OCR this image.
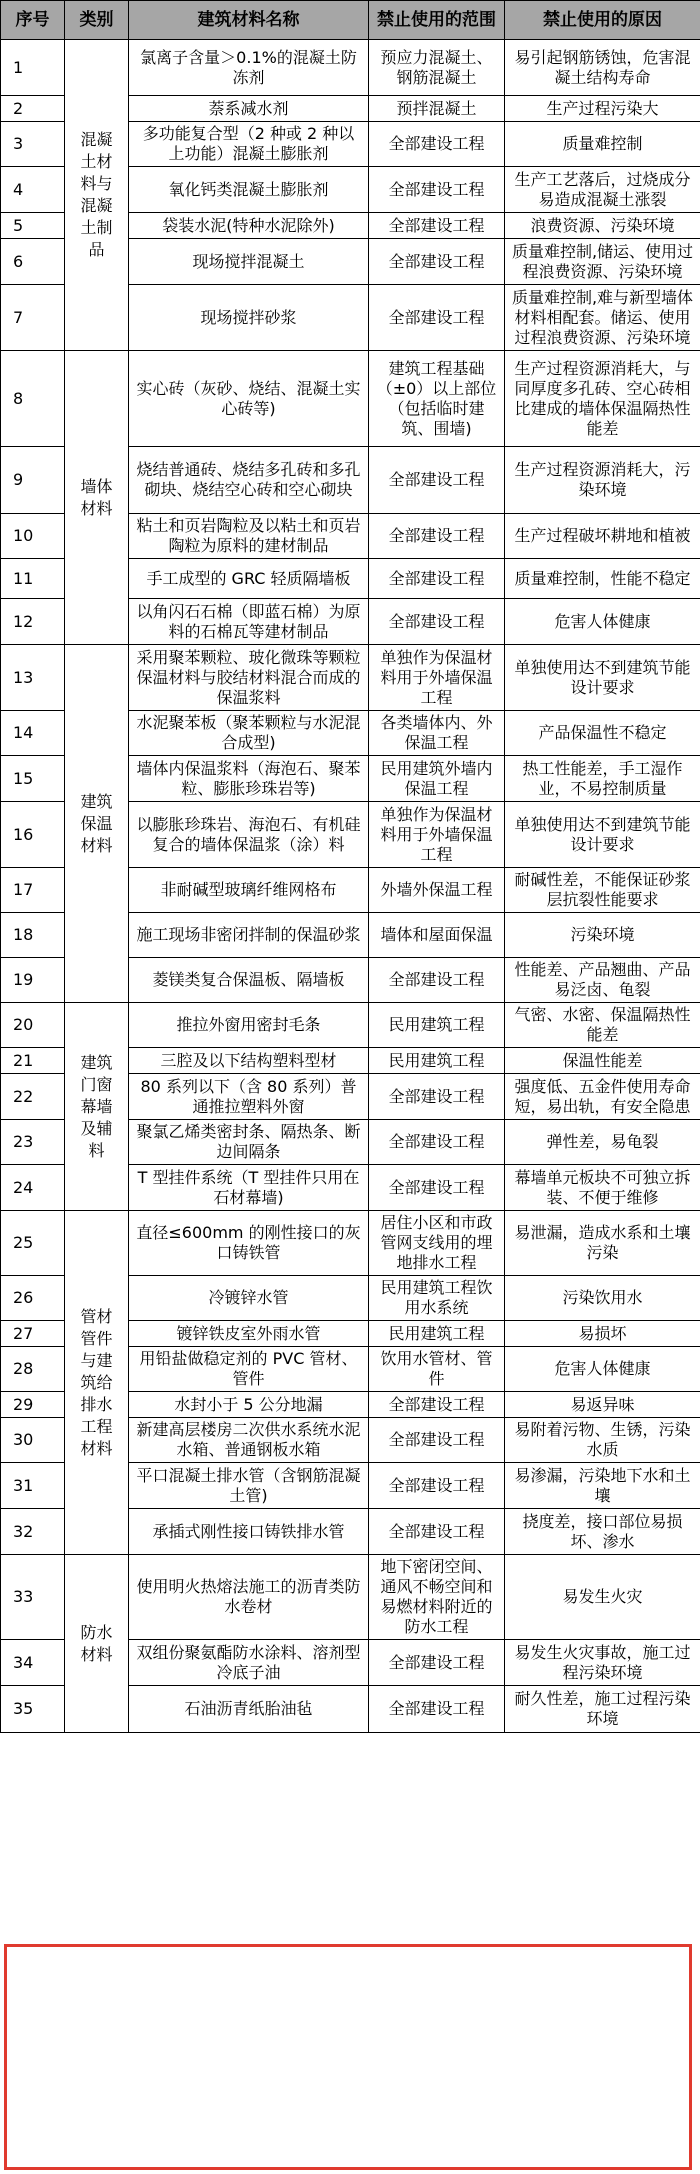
序号	类别	建筑材料名称	禁止使用的范围	禁止使用的原因
1	混凝土材料与混凝土制品	氯离子含量＞0.1%的混凝土防冻剂	预应力混凝土、钢筋混凝土	易引起钢筋锈蚀，危害混凝土结构寿命
2		萘系减水剂	预拌混凝土	生产过程污染大
3		多功能复合型（2 种或 2 种以上功能）混凝土膨胀剂	全部建设工程	质量难控制
4		氧化钙类混凝土膨胀剂	全部建设工程	生产工艺落后，过烧成分易造成混凝土涨裂
5		袋装水泥(特种水泥除外)	全部建设工程	浪费资源、污染环境
6		现场搅拌混凝土	全部建设工程	质量难控制,储运、使用过程浪费资源、污染环境
7		现场搅拌砂浆	全部建设工程	质量难控制,难与新型墙体材料相配套。储运、使用过程浪费资源、污染环境
8	墙体材料	实心砖（灰砂、烧结、混凝土实心砖等)	建筑工程基础（±0）以上部位（包括临时建筑、围墙)	生产过程资源消耗大，与同厚度多孔砖、空心砖相比建成的墙体保温隔热性能差
9		烧结普通砖、烧结多孔砖和多孔砌块、烧结空心砖和空心砌块	全部建设工程	生产过程资源消耗大，污染环境
10		粘土和页岩陶粒及以粘土和页岩陶粒为原料的建材制品	全部建设工程	生产过程破坏耕地和植被
11		手工成型的 GRC 轻质隔墙板	全部建设工程	质量难控制，性能不稳定
12		以角闪石石棉（即蓝石棉）为原料的石棉瓦等建材制品	全部建设工程	危害人体健康
13	建筑保温材料	采用聚苯颗粒、玻化微珠等颗粒保温材料与胶结材料混合而成的保温浆料	单独作为保温材料用于外墙保温工程	单独使用达不到建筑节能设计要求
14		水泥聚苯板（聚苯颗粒与水泥混合成型)	各类墙体内、外保温工程	产品保温性不稳定
15		墙体内保温浆料（海泡石、聚苯粒、膨胀珍珠岩等)	民用建筑外墙内保温工程	热工性能差，手工湿作业，不易控制质量
16		以膨胀珍珠岩、海泡石、有机硅复合的墙体保温浆（涂）料	单独作为保温材料用于外墙保温工程	单独使用达不到建筑节能设计要求
17		非耐碱型玻璃纤维网格布	外墙外保温工程	耐碱性差，不能保证砂浆层抗裂性能要求
18		施工现场非密闭拌制的保温砂浆	墙体和屋面保温	污染环境
19		菱镁类复合保温板、隔墙板	全部建设工程	性能差、产品翘曲、产品易泛卤、龟裂
20	建筑门窗幕墙及辅料	推拉外窗用密封毛条	民用建筑工程	气密、水密、保温隔热性能差
21		三腔及以下结构塑料型材	民用建筑工程	保温性能差
22		80 系列以下（含 80 系列）普通推拉塑料外窗	全部建设工程	强度低、五金件使用寿命短，易出轨，有安全隐患
23		聚氯乙烯类密封条、隔热条、断边间隔条	全部建设工程	弹性差，易龟裂
24		T 型挂件系统（T 型挂件只用在石材幕墙)	全部建设工程	幕墙单元板块不可独立拆装、不便于维修
25	管材管件与建筑给排水工程材料	直径≤600mm 的刚性接口的灰口铸铁管	居住小区和市政管网支线用的埋地排水工程	易泄漏，造成水系和土壤污染
26		冷镀锌水管	民用建筑工程饮用水系统	污染饮用水
27		镀锌铁皮室外雨水管	民用建筑工程	易损坏
28		用铅盐做稳定剂的 PVC 管材、管件	饮用水管材、管件	危害人体健康
29		水封小于 5 公分地漏	全部建设工程	易返异味
30		新建高层楼房二次供水系统水泥水箱、普通钢板水箱	全部建设工程	易附着污物、生锈，污染水质
31		平口混凝土排水管（含钢筋混凝土管)	全部建设工程	易渗漏，污染地下水和土壤
32		承插式刚性接口铸铁排水管	全部建设工程	挠度差，接口部位易损坏、渗水
33	防水材料	使用明火热熔法施工的沥青类防水卷材	地下密闭空间、通风不畅空间和易燃材料附近的防水工程	易发生火灾
34		双组份聚氨酯防水涂料、溶剂型冷底子油	全部建设工程	易发生火灾事故，施工过程污染环境
35		石油沥青纸胎油毡	全部建设工程	耐久性差，施工过程污染环境
